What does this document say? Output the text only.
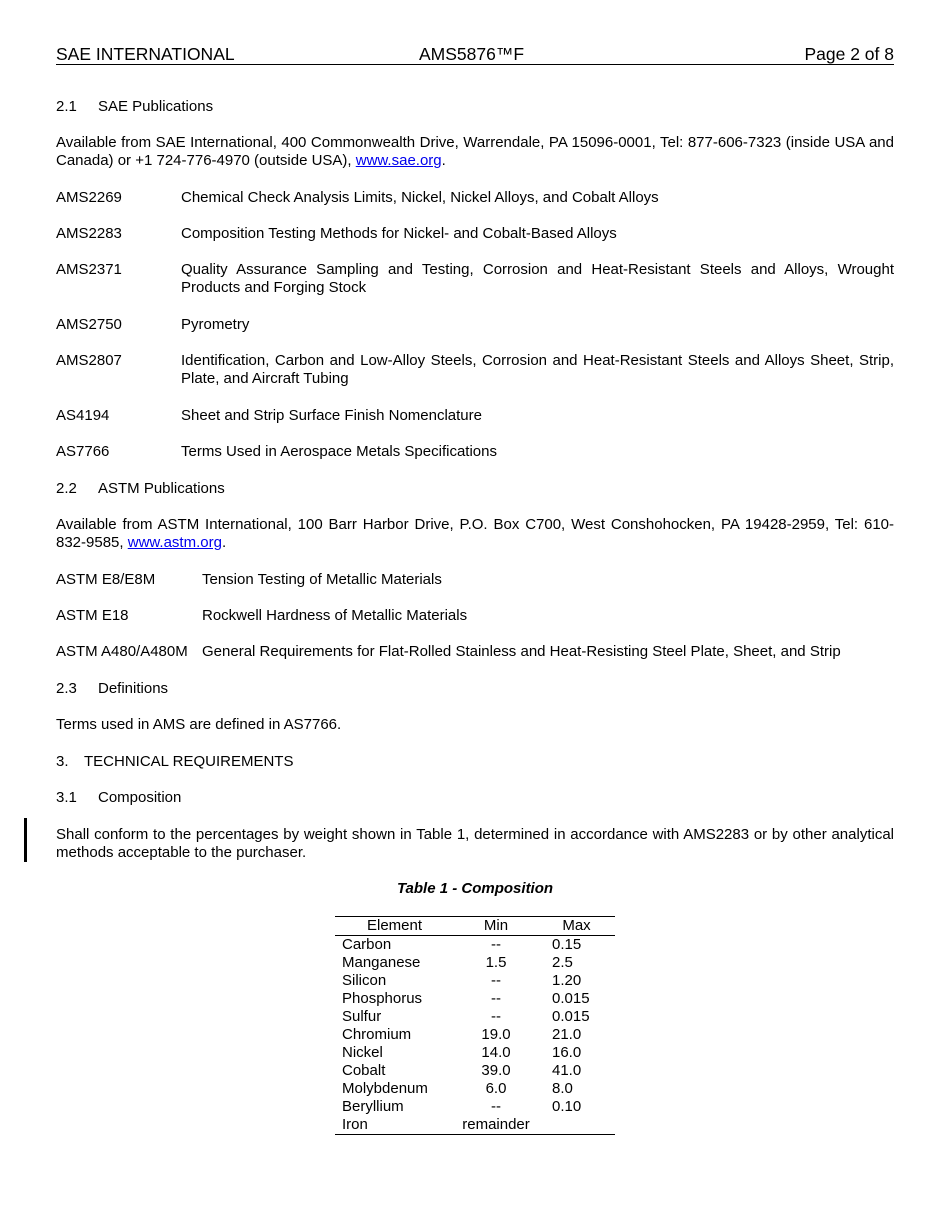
SAE INTERNATIONAL	AMS5876™F	Page 2 of 8
2.1 SAE Publications
Available from SAE International, 400 Commonwealth Drive, Warrendale, PA 15096-0001, Tel: 877-606-7323 (inside USA and Canada) or +1 724-776-4970 (outside USA), www.sae.org.
AMS2269	Chemical Check Analysis Limits, Nickel, Nickel Alloys, and Cobalt Alloys
AMS2283	Composition Testing Methods for Nickel- and Cobalt-Based Alloys
AMS2371	Quality Assurance Sampling and Testing, Corrosion and Heat-Resistant Steels and Alloys, Wrought Products and Forging Stock
AMS2750	Pyrometry
AMS2807	Identification, Carbon and Low-Alloy Steels, Corrosion and Heat-Resistant Steels and Alloys Sheet, Strip, Plate, and Aircraft Tubing
AS4194	Sheet and Strip Surface Finish Nomenclature
AS7766	Terms Used in Aerospace Metals Specifications
2.2 ASTM Publications
Available from ASTM International, 100 Barr Harbor Drive, P.O. Box C700, West Conshohocken, PA 19428-2959, Tel: 610-832-9585, www.astm.org.
ASTM E8/E8M	Tension Testing of Metallic Materials
ASTM E18	Rockwell Hardness of Metallic Materials
ASTM A480/A480M General Requirements for Flat-Rolled Stainless and Heat-Resisting Steel Plate, Sheet, and Strip
2.3 Definitions
Terms used in AMS are defined in AS7766.
3. TECHNICAL REQUIREMENTS
3.1 Composition
Shall conform to the percentages by weight shown in Table 1, determined in accordance with AMS2283 or by other analytical methods acceptable to the purchaser.
Table 1 - Composition
Element	Min	Max
Carbon	--	0.15
Manganese	1.5	2.5
Silicon	--	1.20
Phosphorus	--	0.015
Sulfur	--	0.015
Chromium	19.0	21.0
Nickel	14.0	16.0
Cobalt	39.0	41.0
Molybdenum	6.0	8.0
Beryllium	--	0.10
Iron	remainder	
